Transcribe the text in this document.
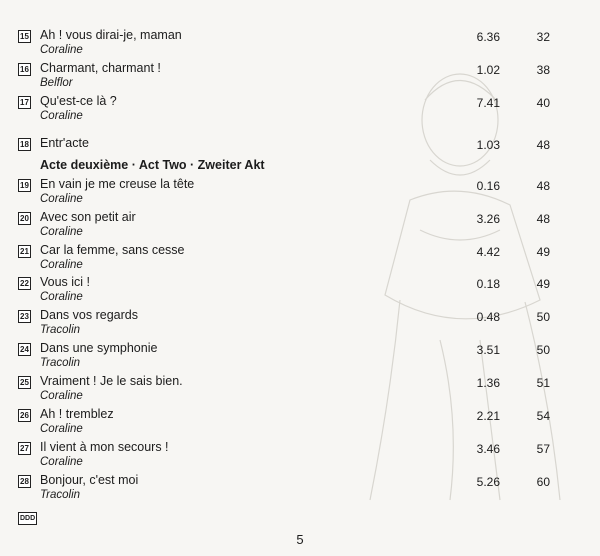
Acte deuxième · Act Two · Zweiter Akt
15 Ah ! vous dirai-je, maman
Coraline
6.36	32
16 Charmant, charmant !
Belflor
1.02	38
17 Qu'est-ce là ?
Coraline
7.41	40
18 Entr'acte	1.03	48
19 En vain je me creuse la tête
Coraline
0.16	48
20 Avec son petit air
Coraline
3.26	48
21 Car la femme, sans cesse
Coraline
4.42	49
22 Vous ici !
Coraline
0.18	49
23 Dans vos regards
Tracolin
0.48	50
24 Dans une symphonie
Tracolin
3.51	50
25 Vraiment ! Je le sais bien.
Coraline
1.36	51
26 Ah ! tremblez
Coraline
2.21	54
27 Il vient à mon secours !
Coraline
3.46	57
28 Bonjour, c'est moi
Tracolin
5.26	60
DDD
5
